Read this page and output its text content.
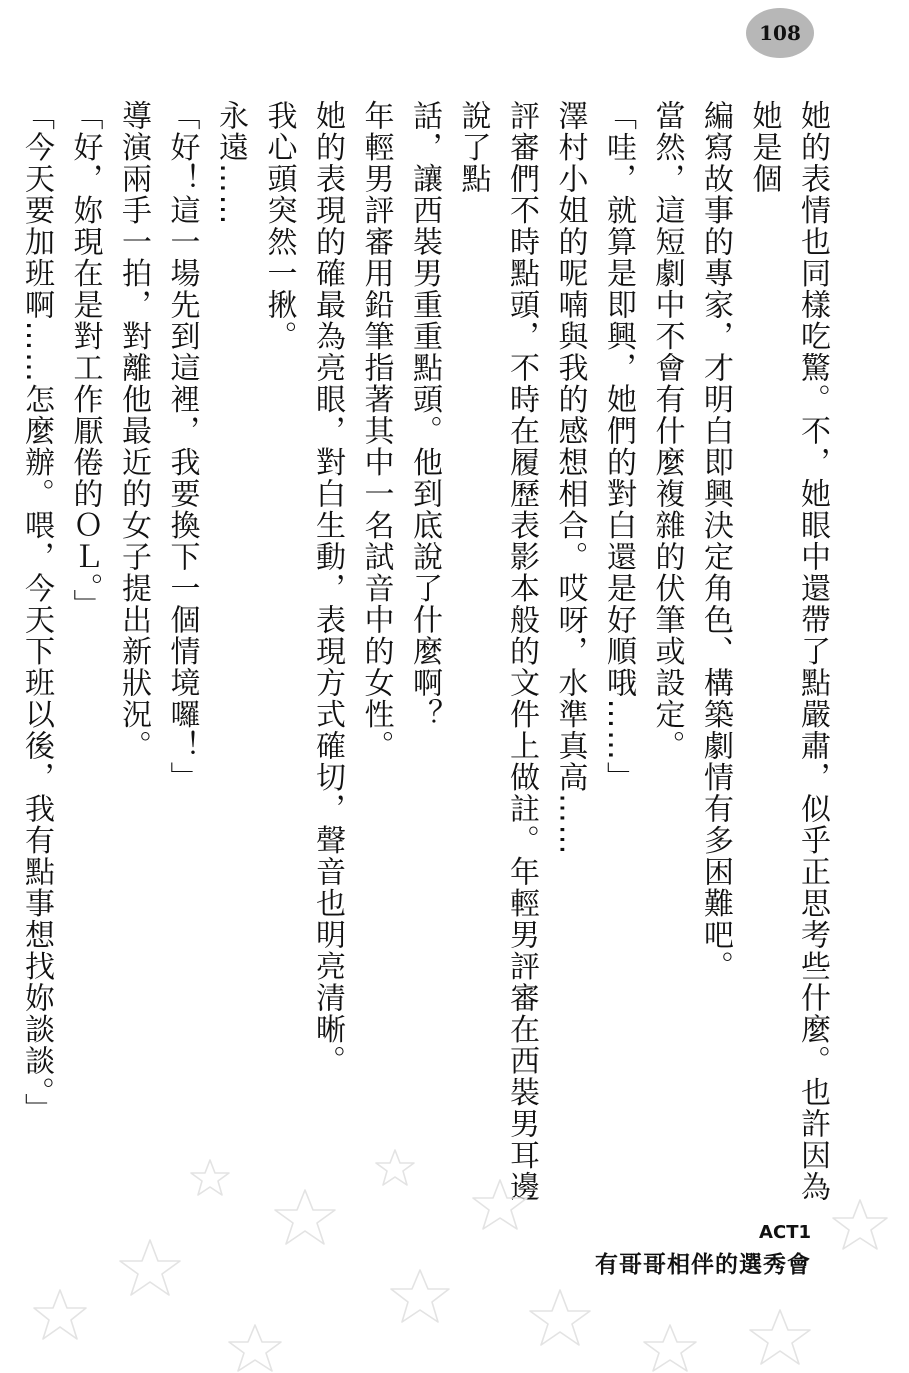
108

她的表情也同樣吃驚。不，她眼中還帶了點嚴肅，似乎正思考些什麼。也許因為她是個

編寫故事的專家，才明白即興決定角色、構築劇情有多困難吧。

當然，這短劇中不會有什麼複雜的伏筆或設定。

「哇，就算是即興，她們的對白還是好順哦……」

澤村小姐的呢喃與我的感想相合。哎呀，水準真高……

評審們不時點頭，不時在履歷表影本般的文件上做註。年輕男評審在西裝男耳邊說了點

話，讓西裝男重重點頭。他到底說了什麼啊？

年輕男評審用鉛筆指著其中一名試音中的女性。

她的表現的確最為亮眼，對白生動，表現方式確切，聲音也明亮清晰。

我心頭突然一揪。

永遠……

「好！這一場先到這裡，我要換下一個情境囉！」

導演兩手一拍，對離他最近的女子提出新狀況。

「好，妳現在是對工作厭倦的ＯＬ。」

「今天要加班啊……怎麼辦。喂，今天下班以後，我有點事想找妳談談。」

ACT1
有哥哥相伴的選秀會
